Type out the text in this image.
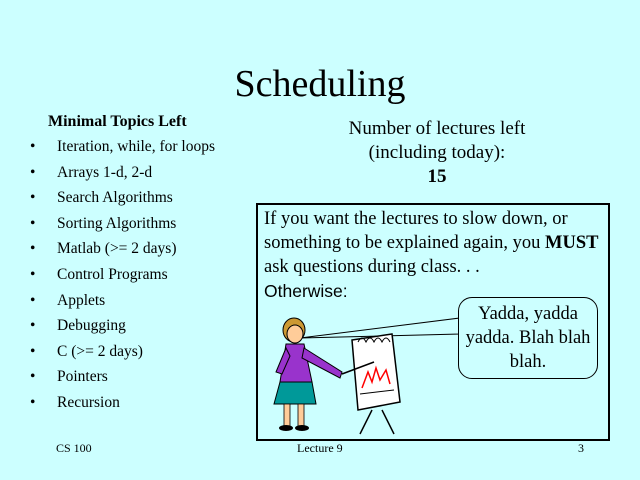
Scheduling
Minimal Topics Left
•	Iteration, while, for loops
•	Arrays 1-d, 2-d
•	Search Algorithms
•	Sorting Algorithms
•	Matlab (>= 2 days)
•	Control Programs
•	Applets
•	Debugging
•	C (>= 2 days)
•	Pointers
•	Recursion
Number of lectures left
(including today):
15
If you want the lectures to slow down, or something to be explained again, you MUST ask questions during class. . .
Otherwise:
Yadda, yadda yadda. Blah blah blah.
CS 100	Lecture 9	3
